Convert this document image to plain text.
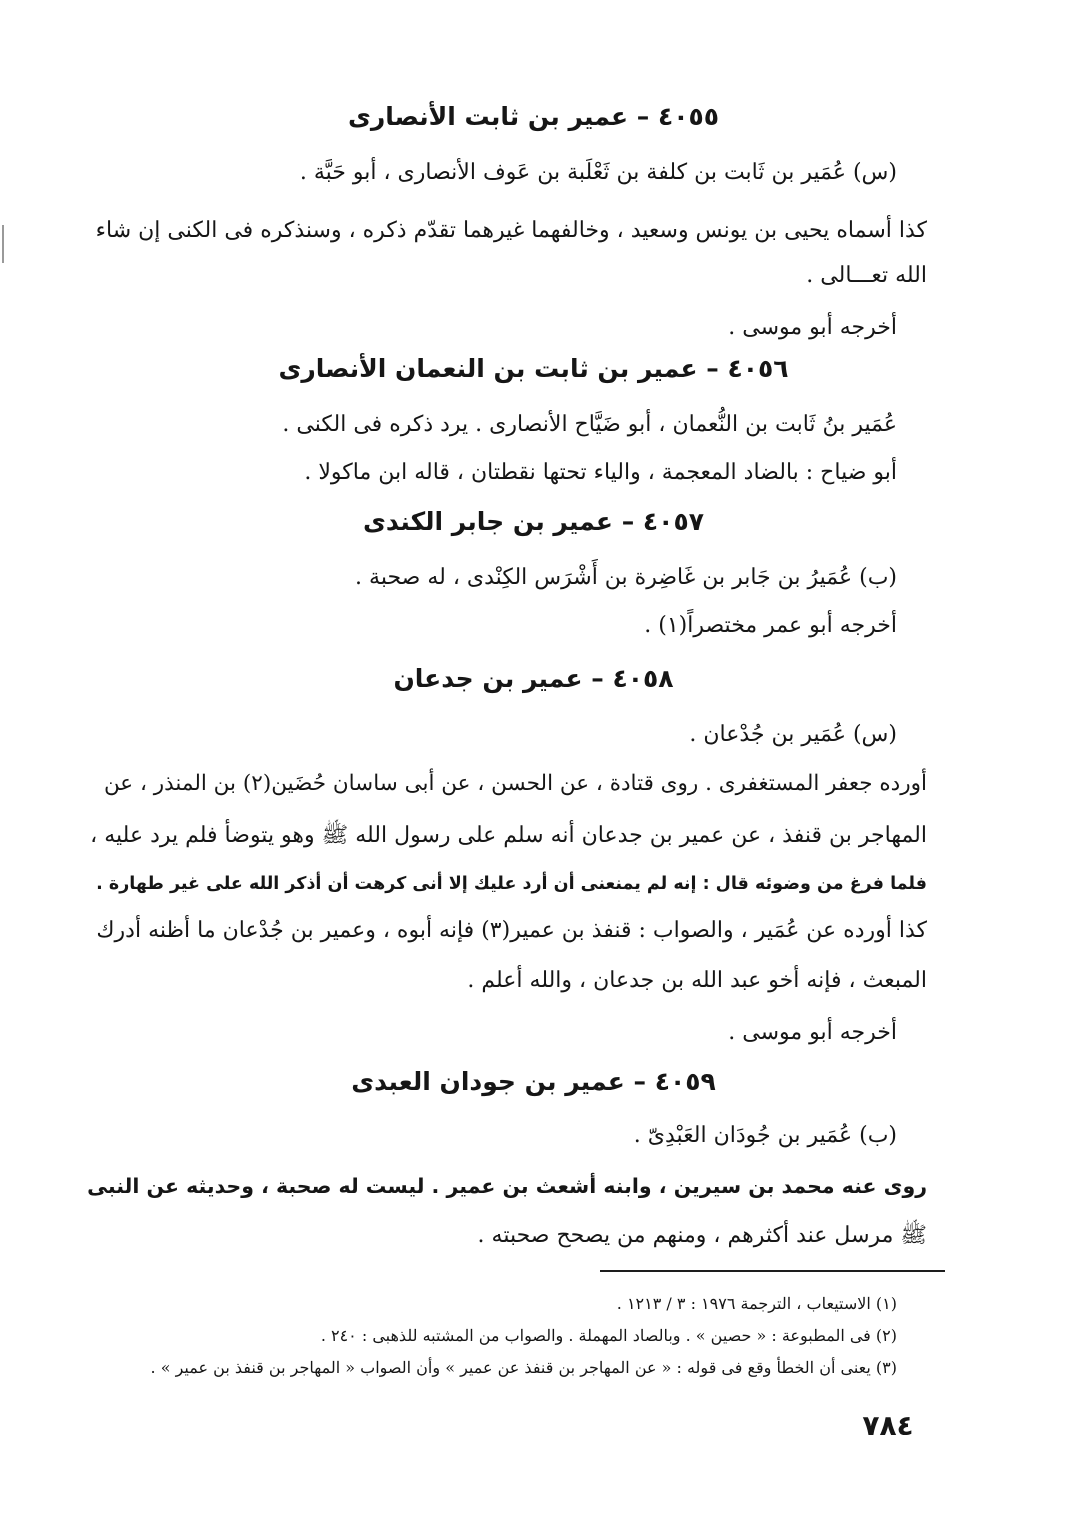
٤٠٥٥ – عمير بن ثابت الأنصارى
(س) عُمَير بن ثَابت بن كلفة بن ثَعْلَبة بن عَوف الأنصارى ، أبو حَبَّة .
كذا أسماه يحيى بن يونس وسعيد ، وخالفهما غيرهما تقدّم ذكره ، وسنذكره فى الكنى إن شاء
الله تعـــالى .
أخرجه أبو موسى .
٤٠٥٦ – عمير بن ثابت بن النعمان الأنصارى
عُمَير بنُ ثَابت بن النُّعمان ، أبو ضَيَّاح الأنصارى . يرد ذكره فى الكنى .
أبو ضياح : بالضاد المعجمة ، والياء تحتها نقطتان ، قاله ابن ماكولا .
٤٠٥٧ – عمير بن جابر الكندى
(ب) عُمَيرُ بن جَابر بن غَاضِرة بن أَشْرَس الكِنْدى ، له صحبة .
أخرجه أبو عمر مختصراً(١) .
٤٠٥٨ – عمير بن جدعان
(س) عُمَير بن جُدْعان .
أورده جعفر المستغفرى . روى قتادة ، عن الحسن ، عن أبى ساسان حُضَين(٢) بن المنذر ، عن
المهاجر بن قنفذ ، عن عمير بن جدعان أنه سلم على رسول الله ﷺ وهو يتوضأ فلم يرد عليه ،
فلما فرغ من وضوئه قال : إنه لم يمنعنى أن أرد عليك إلا أنى كرهت أن أذكر الله على غير طهارة .
كذا أورده عن عُمَير ، والصواب : قنفذ بن عمير(٣) فإنه أبوه ، وعمير بن جُدْعان ما أظنه أدرك
المبعث ، فإنه أخو عبد الله بن جدعان ، والله أعلم .
أخرجه أبو موسى .
٤٠٥٩ – عمير بن جودان العبدى
(ب) عُمَير بن جُودَان العَبْدِىّ .
روى عنه محمد بن سيرين ، وابنه أشعث بن عمير . ليست له صحبة ، وحديثه عن النبى
ﷺ مرسل عند أكثرهم ، ومنهم من يصحح صحبته .
(١) الاستيعاب ، الترجمة ١٩٧٦ : ٣ / ١٢١٣ .
(٢) فى المطبوعة : « حصين » . وبالصاد المهملة . والصواب من المشتبه للذهبى : ٢٤٠ .
(٣) يعنى أن الخطأ وقع فى قوله : « عن المهاجر بن قنفذ عن عمير » وأن الصواب « المهاجر بن قنفذ بن عمير » .
٧٨٤
